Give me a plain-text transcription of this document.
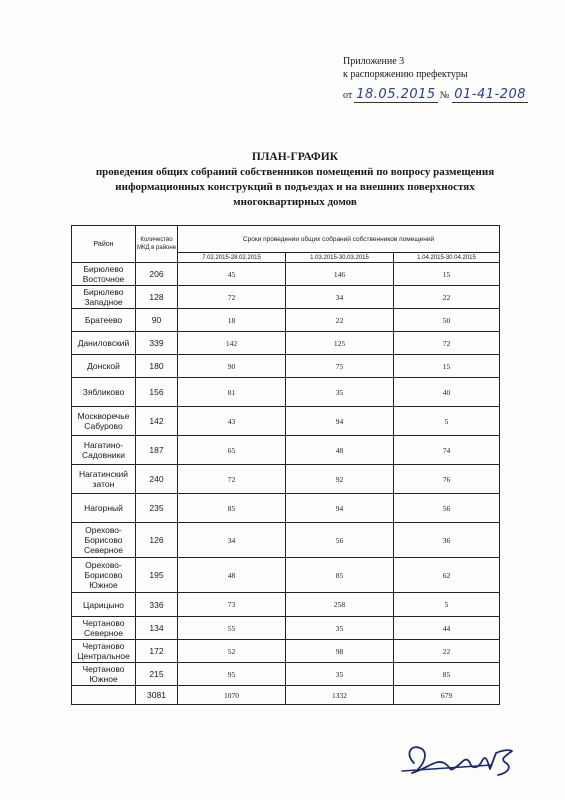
Приложение 3
к распоряжению префектуры
от 18.05.2015 № 01-41-208
ПЛАН-ГРАФИК
проведения общих собраний собственников помещений по вопросу размещения информационных конструкций в подъездах и на внешних поверхностях многоквартирных домов
Район	Количество МКД в районе	Сроки проведении общих собраний собственников помещений		
		7.02.2015-28.02.2015	1.03.2015-30.03.2015	1.04.2015-30.04.2015
Бирюлево Восточное	206	45	146	15
Бирюлево Западное	128	72	34	22
Братеево	90	18	22	50
Даниловский	339	142	125	72
Донской	180	90	75	15
Зябликово	156	81	35	40
Москворечье Сабурово	142	43	94	5
Нагатино-Садовники	187	65	48	74
Нагатинский затон	240	72	92	76
Нагорный	235	85	94	56
Орехово-Борисово Северное	126	34	56	36
Орехово-Борисово Южное	195	48	85	62
Царицыно	336	73	258	5
Чертаново Северное	134	55	35	44
Чертаново Центральное	172	52	98	22
Чертаново Южное	215	95	35	85
	3081	1070	1332	679
